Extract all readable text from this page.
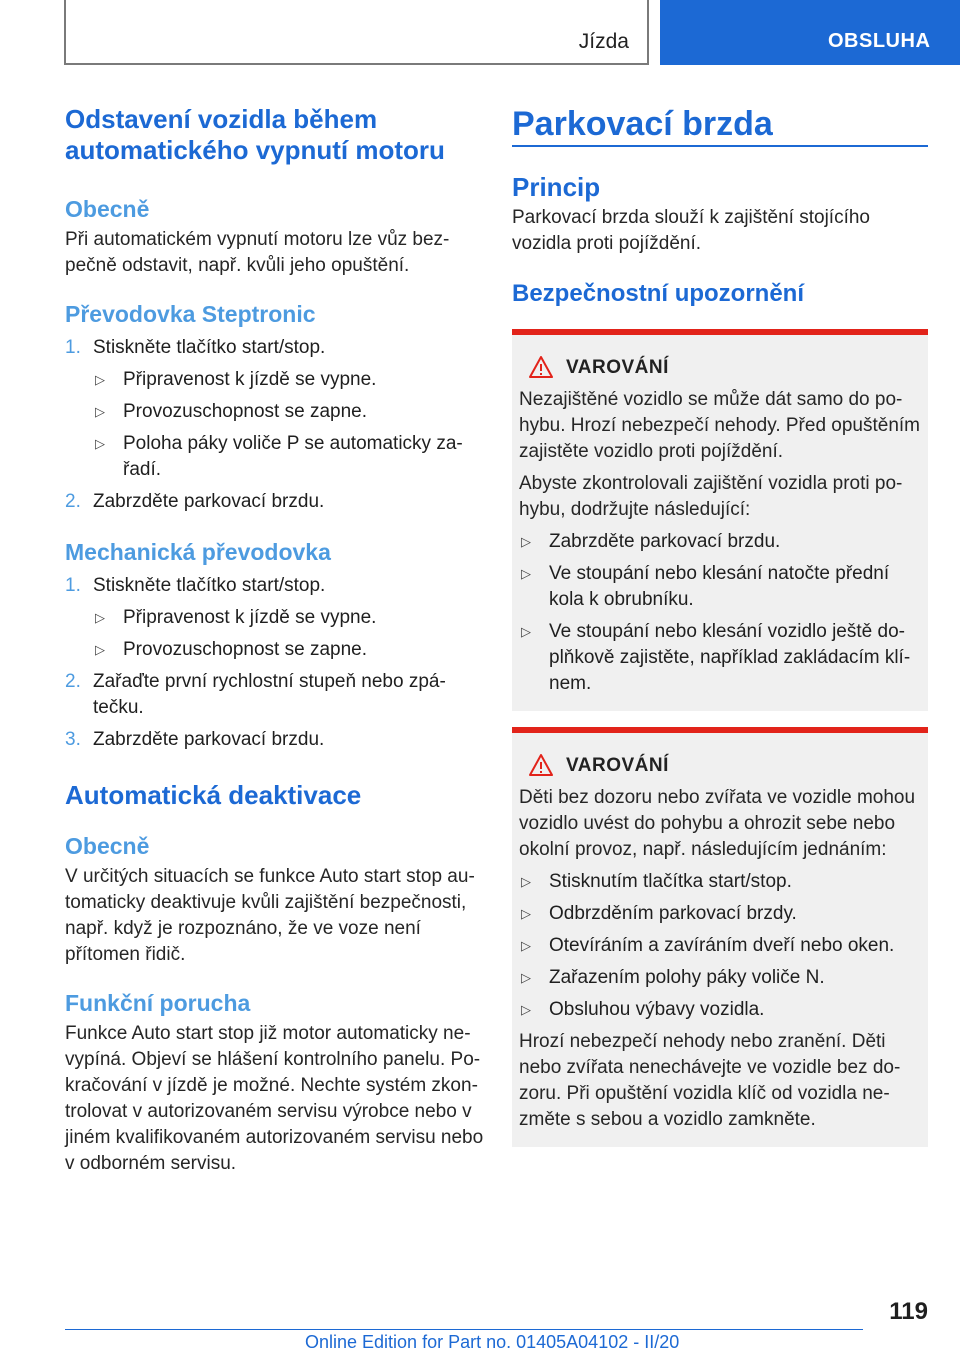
Jízda	OBSLUHA
Odstavení vozidla během automatického vypnutí motoru
Obecně
Při automatickém vypnutí motoru lze vůz bezpečně odstavit, např. kvůli jeho opuštění.
Převodovka Steptronic
1. Stiskněte tlačítko start/stop.
▷ Připravenost k jízdě se vypne.
▷ Provozuschopnost se zapne.
▷ Poloha páky voliče P se automaticky zařadí.
2. Zabrzděte parkovací brzdu.
Mechanická převodovka
1. Stiskněte tlačítko start/stop.
▷ Připravenost k jízdě se vypne.
▷ Provozuschopnost se zapne.
2. Zařaďte první rychlostní stupeň nebo zpátečku.
3. Zabrzděte parkovací brzdu.
Automatická deaktivace
Obecně
V určitých situacích se funkce Auto start stop automaticky deaktivuje kvůli zajištění bezpečnosti, např. když je rozpoznáno, že ve voze není přítomen řidič.
Funkční porucha
Funkce Auto start stop již motor automaticky nevypíná. Objeví se hlášení kontrolního panelu. Pokračování v jízdě je možné. Nechte systém zkontrolovat v autorizovaném servisu výrobce nebo v jiném kvalifikovaném autorizovaném servisu nebo v odborném servisu.
Parkovací brzda
Princip
Parkovací brzda slouží k zajištění stojícího vozidla proti pojíždění.
Bezpečnostní upozornění
VAROVÁNÍ
Nezajištěné vozidlo se může dát samo do pohybu. Hrozí nebezpečí nehody. Před opuštěním zajistěte vozidlo proti pojíždění.
Abyste zkontrolovali zajištění vozidla proti pohybu, dodržujte následující:
▷ Zabrzděte parkovací brzdu.
▷ Ve stoupání nebo klesání natočte přední kola k obrubníku.
▷ Ve stoupání nebo klesání vozidlo ještě doplňkově zajistěte, například zakládacím klínem.
VAROVÁNÍ
Děti bez dozoru nebo zvířata ve vozidle mohou vozidlo uvést do pohybu a ohrozit sebe nebo okolní provoz, např. následujícím jednáním:
▷ Stisknutím tlačítka start/stop.
▷ Odbrzděním parkovací brzdy.
▷ Otevíráním a zavíráním dveří nebo oken.
▷ Zařazením polohy páky voliče N.
▷ Obsluhou výbavy vozidla.
Hrozí nebezpečí nehody nebo zranění. Děti nebo zvířata nenechávejte ve vozidle bez dozoru. Při opuštění vozidla klíč od vozidla nezměte s sebou a vozidlo zamkněte.
119
Online Edition for Part no. 01405A04102 - II/20
